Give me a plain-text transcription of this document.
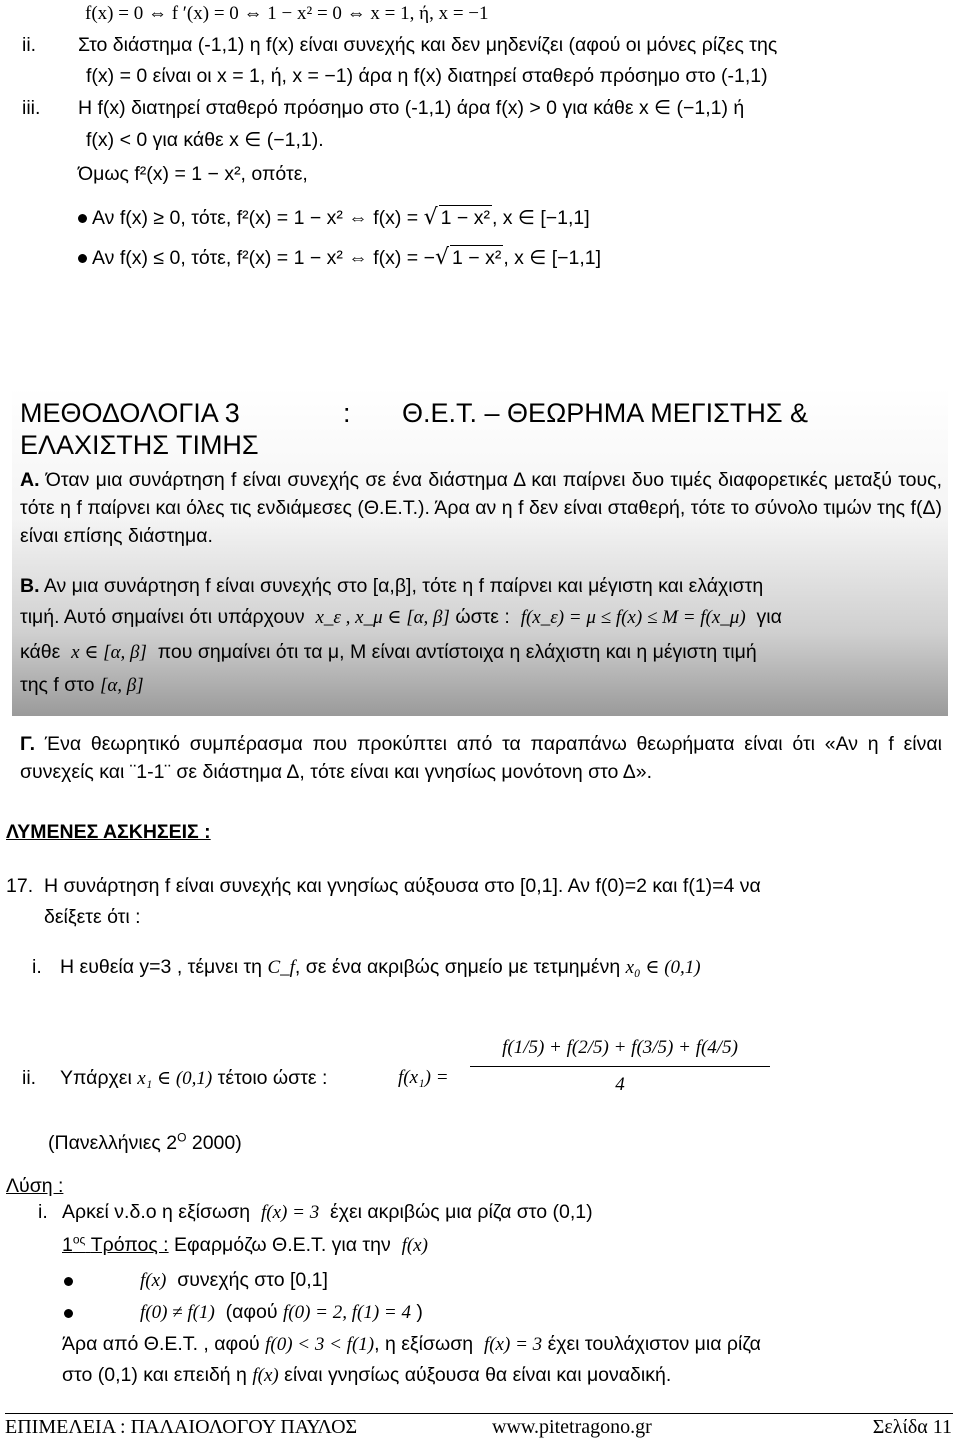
f(x) = 0 ⇔ f ′(x) = 0 ⇔ 1 − x² = 0 ⇔ x = 1, ή, x = −1
ii. Στο διάστημα (-1,1) η f(x) είναι συνεχής και δεν μηδενίζει (αφού οι μόνες ρίζες της
f(x) = 0 είναι οι x = 1, ή, x = −1) άρα η f(x) διατηρεί σταθερό πρόσημο στο (-1,1)
iii. Η f(x) διατηρεί σταθερό πρόσημο στο (-1,1) άρα f(x) > 0 για κάθε x ∈ (−1,1) ή
f(x) < 0 για κάθε x ∈ (−1,1).
Όμως f²(x) = 1 − x², οπότε,
Αν f(x) ≥ 0, τότε, f²(x) = 1 − x² ⇔ f(x) = √ 1 − x² , x ∈ [−1,1]
Αν f(x) ≤ 0, τότε, f²(x) = 1 − x² ⇔ f(x) = −√ 1 − x² , x ∈ [−1,1]
ΜΕΘΟΔΟΛΟΓΙΑ 3	: Θ.Ε.Τ. – ΘΕΩΡΗΜΑ ΜΕΓΙΣΤΗΣ &
ΕΛΑΧΙΣΤΗΣ ΤΙΜΗΣ
Α. Όταν μια συνάρτηση f είναι συνεχής σε ένα διάστημα Δ και παίρνει δυο τιμές διαφορετικές μεταξύ τους, τότε η f παίρνει και όλες τις ενδιάμεσες (Θ.Ε.Τ.). Άρα αν η f δεν είναι σταθερή, τότε το σύνολο τιμών της f(Δ) είναι επίσης διάστημα.
Β. Αν μια συνάρτηση f είναι συνεχής στο [α,β], τότε η f παίρνει και μέγιστη και ελάχιστη
τιμή. Αυτό σημαίνει ότι υπάρχουν x_ε , x_μ ∈ [α, β] ώστε : f(x_ε) = μ ≤ f(x) ≤ M = f(x_μ) για
κάθε x ∈ [α, β] που σημαίνει ότι τα μ, Μ είναι αντίστοιχα η ελάχιστη και η μέγιστη τιμή
της f στο [α, β]
Γ. Ένα θεωρητικό συμπέρασμα που προκύπτει από τα παραπάνω θεωρήματα είναι ότι «Αν η f είναι συνεχείς και ¨1-1¨ σε διάστημα Δ, τότε είναι και γνησίως μονότονη στο Δ».
ΛΥΜΕΝΕΣ ΑΣΚΗΣΕΙΣ :
17. Η συνάρτηση f είναι συνεχής και γνησίως αύξουσα στο [0,1]. Αν f(0)=2 και f(1)=4 να
δείξετε ότι :
i. Η ευθεία y=3 , τέμνει τη C_f, σε ένα ακριβώς σημείο με τετμημένη x₀ ∈ (0,1)
ii. Υπάρχει x₁ ∈ (0,1) τέτοιο ώστε :	$f(x_1) = \frac{f(1/5) + f(2/5) + f(3/5) + f(4/5)}{4}$
(Πανελλήνιες $2^O$ 2000)
Λύση :
i. Αρκεί ν.δ.ο η εξίσωση f(x) = 3 έχει ακριβώς μια ρίζα στο (0,1)
$1^{o\varsigma}$ Τρόπος : Εφαρμόζω Θ.Ε.Τ. για την f(x)
f(x) συνεχής στο [0,1]
f(0) ≠ f(1) (αφού f(0) = 2, f(1) = 4 )
Άρα από Θ.Ε.Τ. , αφού f(0) < 3 < f(1), η εξίσωση f(x) = 3 έχει τουλάχιστον μια ρίζα
στο (0,1) και επειδή η f(x) είναι γνησίως αύξουσα θα είναι και μοναδική.
ΕΠΙΜΕΛΕΙΑ : ΠΑΛΑΙΟΛΟΓΟΥ ΠΑΥΛΟΣ	www.pitetragono.gr	Σελίδα 11
